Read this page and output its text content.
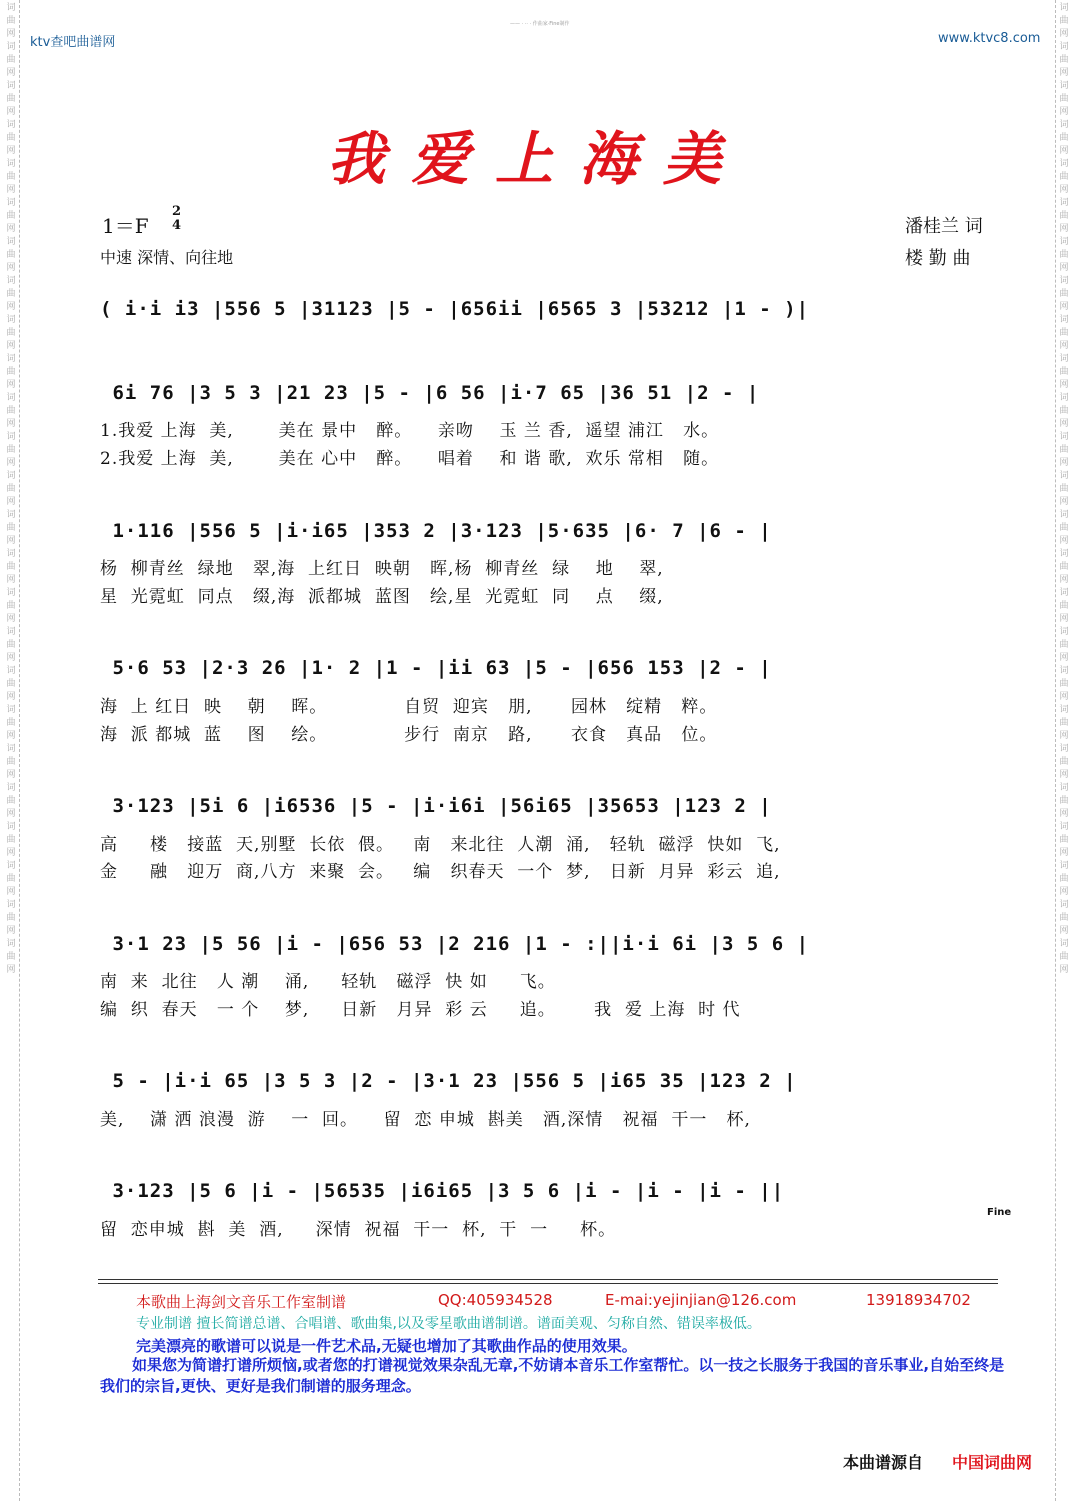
词 曲 网 词 曲 网 词 曲 网 词 曲 网 词 曲 网 词 曲 网 词 曲 网 词 曲 网 词 曲 网 词 曲 网 词 曲 网 词 曲 网 词 曲 网 词 曲 网 词 曲 网 词 曲 网 词 曲 网 词 曲 网 词 曲 网 词 曲 网 词 曲 网 词 曲 网 词 曲 网 词 曲 网 词 曲 网
词 曲 网 词 曲 网 词 曲 网 词 曲 网 词 曲 网 词 曲 网 词 曲 网 词 曲 网 词 曲 网 词 曲 网 词 曲 网 词 曲 网 词 曲 网 词 曲 网 词 曲 网 词 曲 网 词 曲 网 词 曲 网 词 曲 网 词 曲 网 词 曲 网 词 曲 网 词 曲 网 词 曲 网 词 曲 网
ktv查吧曲谱网	www.ktvc8.com
—— · ·· · 作曲家·Fine制作
我爱上海美
1＝F
2
4
中速 深情、向往地
潘桂兰 词
楼 勤 曲
( i·i i3 |556 5 |31123 |5 - |656ii |6565 3 |53212 |1 - )|
6i 76 |3 5 3 |21 23 |5 - |6 56 |i·7 65 |36 51 |2 - |
1.我爱 上海  美,       美在 景中   醉。    亲吻    玉 兰 香,  遥望 浦江   水。
2.我爱 上海  美,       美在 心中   醉。    唱着    和 谐 歌,  欢乐 常相   随。
1·116 |556 5 |i·i65 |353 2 |3·123 |5·635 |6· 7 |6 - |
杨  柳青丝  绿地   翠,海  上红日  映朝   晖,杨  柳青丝  绿    地    翠,
星  光霓虹  同点   缀,海  派都城  蓝图   绘,星  光霓虹  同    点    缀,
5·6 53 |2·3 26 |1· 2 |1 - |ii 63 |5 - |656 153 |2 - |
海  上 红日  映    朝    晖。            自贸  迎宾   朋,      园林   绽精   粹。
海  派 都城  蓝    图    绘。            步行  南京   路,      衣食   真品   位。
3·123 |5i 6 |i6536 |5 - |i·i6i |56i65 |35653 |123 2 |
高     楼   接蓝  天,别墅  长依  偎。   南   来北往  人潮  涌,   轻轨  磁浮  快如  飞,
金     融   迎万  商,八方  来聚  会。   编   织春天  一个  梦,   日新  月异  彩云  追,
3·1 23 |5 56 |i - |656 53 |2 216 |1 - :||i·i 6i |3 5 6 |
南  来  北往   人 潮    涌,     轻轨   磁浮  快 如     飞。
编  织  春天   一 个    梦,     日新   月异  彩 云     追。      我  爱 上海  时 代
5 - |i·i 65 |3 5 3 |2 - |3·1 23 |556 5 |i65 35 |123 2 |
美,    潇 洒 浪漫  游    一  回。    留  恋 申城  斟美   酒,深情   祝福  干一   杯,
3·123 |5 6 |i - |56535 |i6i65 |3 5 6 |i - |i - |i - ||
留  恋申城  斟  美  酒,     深情  祝福  干一  杯,  干  一     杯。
Fine
本歌曲上海剑文音乐工作室制谱	QQ:405934528	E-mai:yejinjian@126.com	13918934702
专业制谱 擅长简谱总谱、合唱谱、歌曲集,以及零星歌曲谱制谱。谱面美观、匀称自然、错误率极低。
完美漂亮的歌谱可以说是一件艺术品,无疑也增加了其歌曲作品的使用效果。
如果您为简谱打谱所烦恼,或者您的打谱视觉效果杂乱无章,不妨请本音乐工作室帮忙。以一技之长服务于我国的音乐事业,自始至终是我们的宗旨,更快、更好是我们制谱的服务理念。
本曲谱源自 中国词曲网
